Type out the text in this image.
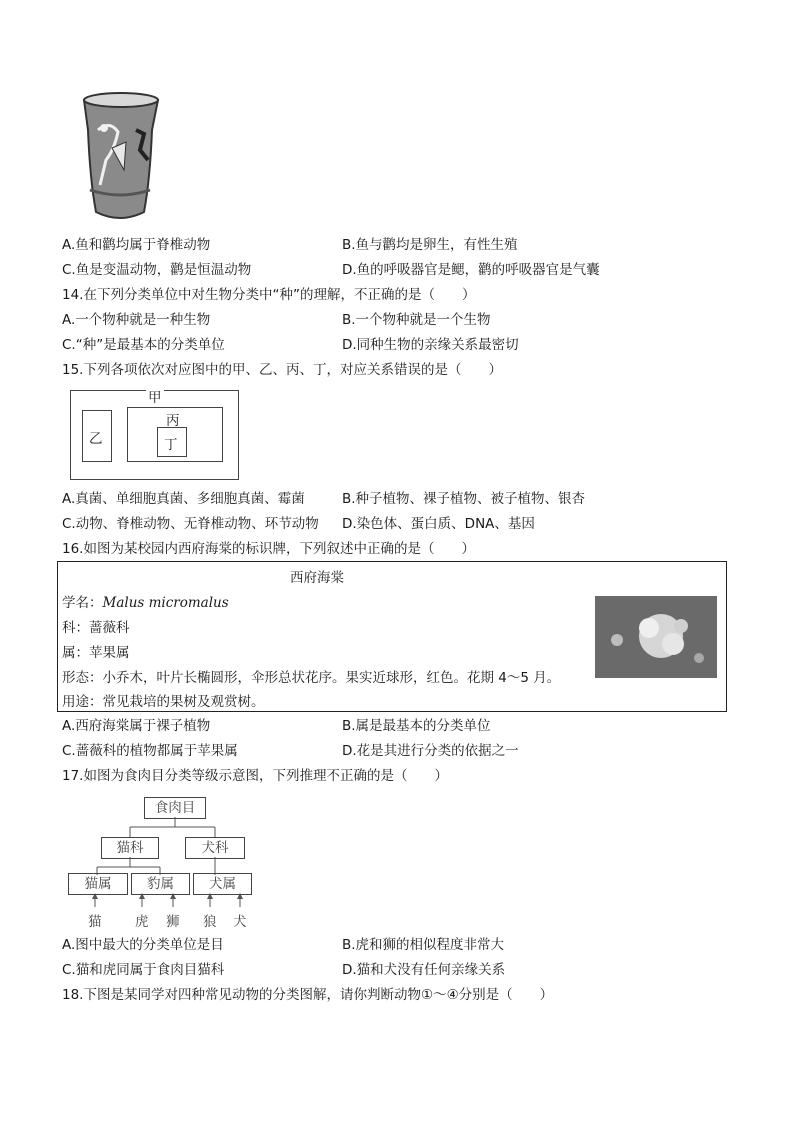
A.鱼和鹳均属于脊椎动物	B.鱼与鹳均是卵生，有性生殖
C.鱼是变温动物，鹳是恒温动物	D.鱼的呼吸器官是鳃，鹳的呼吸器官是气囊
14.在下列分类单位中对生物分类中“种”的理解，不正确的是（　　）
A.一个物种就是一种生物	B.一个物种就是一个生物
C.“种”是最基本的分类单位	D.同种生物的亲缘关系最密切
15.下列各项依次对应图中的甲、乙、丙、丁，对应关系错误的是（　　）
甲
乙
丙
丁
A.真菌、单细胞真菌、多细胞真菌、霉菌	B.种子植物、裸子植物、被子植物、银杏
C.动物、脊椎动物、无脊椎动物、环节动物 D.染色体、蛋白质、DNA、基因
16.如图为某校园内西府海棠的标识牌，下列叙述中正确的是（　　）
西府海棠
学名：Malus micromalus
科：蔷薇科
属：苹果属
形态：小乔木，叶片长椭圆形，伞形总状花序。果实近球形，红色。花期 4～5 月。
用途：常见栽培的果树及观赏树。
A.西府海棠属于裸子植物	B.属是最基本的分类单位
C.蔷薇科的植物都属于苹果属	D.花是其进行分类的依据之一
17.如图为食肉目分类等级示意图，下列推理不正确的是（　　）
食肉目
猫科	犬科
猫属	豹属	犬属
猫 虎 狮 狼 犬
A.图中最大的分类单位是目	B.虎和狮的相似程度非常大
C.猫和虎同属于食肉目猫科	D.猫和犬没有任何亲缘关系
18.下图是某同学对四种常见动物的分类图解，请你判断动物①～④分别是（　　）
